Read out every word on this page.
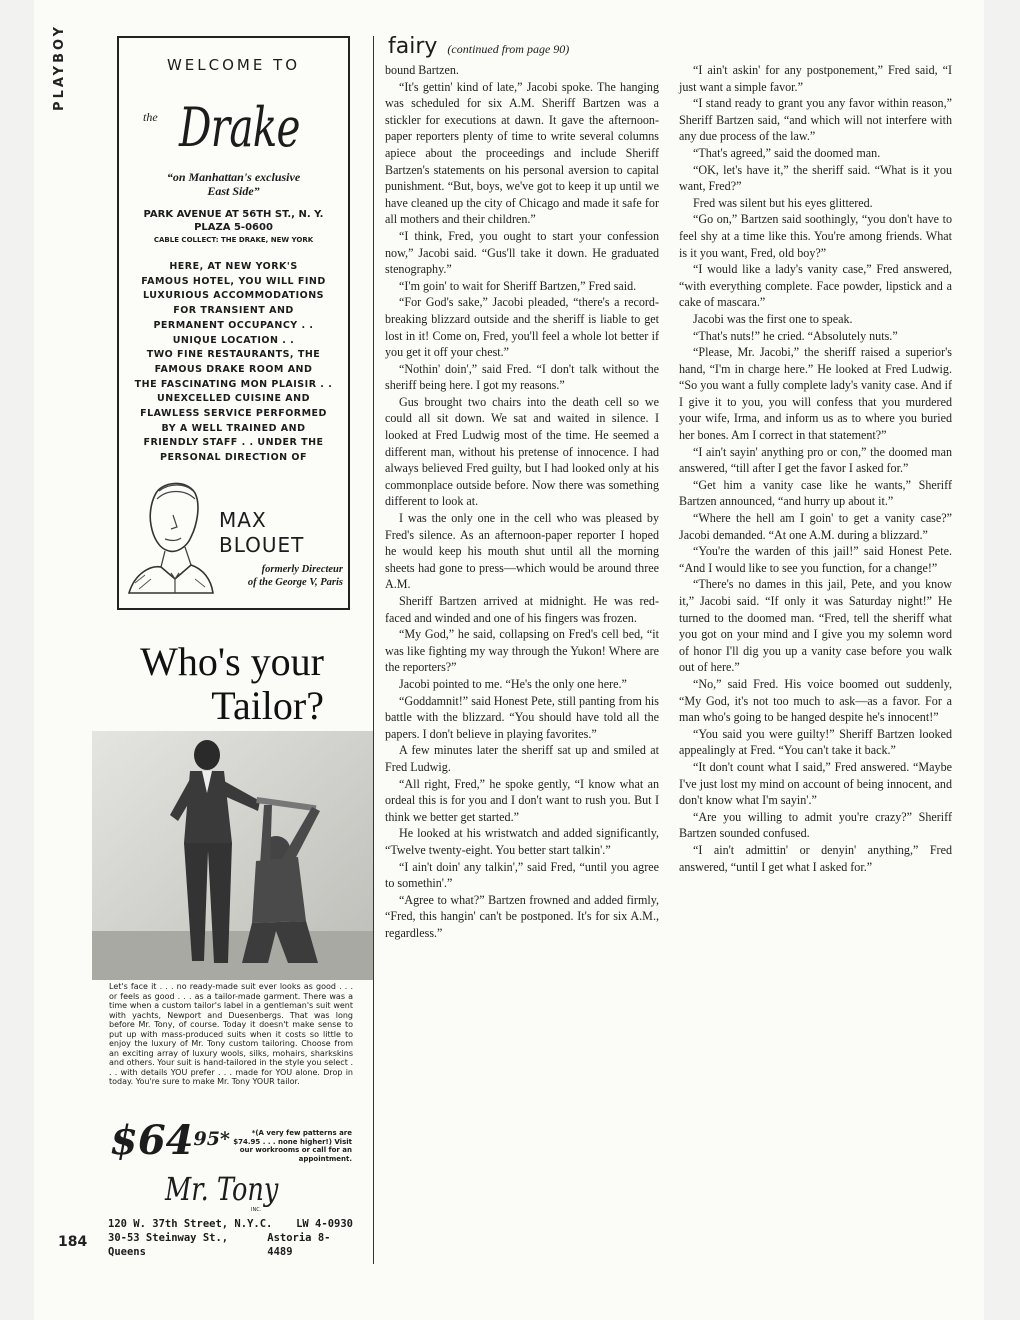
PLAYBOY
184
WELCOME TO
the Drake
“on Manhattan's exclusive
East Side”
PARK AVENUE AT 56TH ST., N. Y.
PLAZA 5-0600
CABLE COLLECT: THE DRAKE, NEW YORK
HERE, AT NEW YORK'S
FAMOUS HOTEL, YOU WILL FIND
LUXURIOUS ACCOMMODATIONS
FOR TRANSIENT AND
PERMANENT OCCUPANCY . .
UNIQUE LOCATION . .
TWO FINE RESTAURANTS, THE
FAMOUS DRAKE ROOM AND
THE FASCINATING MON PLAISIR . .
UNEXCELLED CUISINE AND
FLAWLESS SERVICE PERFORMED
BY A WELL TRAINED AND
FRIENDLY STAFF . . UNDER THE
PERSONAL DIRECTION OF
MAX
BLOUET
formerly Directeur
of the George V, Paris
Who's your
Tailor?
Let's face it . . . no ready-made suit ever looks as good . . . or feels as good . . . as a tailor-made garment. There was a time when a custom tailor's label in a gentleman's suit went with yachts, Newport and Duesenbergs. That was long before Mr. Tony, of course. Today it doesn't make sense to put up with mass-produced suits when it costs so little to enjoy the luxury of Mr. Tony custom tailoring. Choose from an exciting array of luxury wools, silks, mohairs, sharkskins and others. Your suit is hand-tailored in the style you select . . . with details YOU prefer . . . made for YOU alone. Drop in today. You're sure to make Mr. Tony YOUR tailor.
$\$64^{95*}$	*(A very few patterns are $74.95 . . . none higher!) Visit our workrooms or call for an appointment.
Mr. Tony
INC.
120 W. 37th Street, N.Y.C. LW 4-0930
30-53 Steinway St., Queens
Astoria 8-4489
fairy (continued from page 90)

bound Bartzen.

“It's gettin' kind of late,” Jacobi spoke. The hanging was scheduled for six A.M. Sheriff Bartzen was a stickler for executions at dawn. It gave the afternoon-paper reporters plenty of time to write several columns apiece about the proceedings and include Sheriff Bartzen's statements on his personal aversion to capital punishment. “But, boys, we've got to keep it up until we have cleaned up the city of Chicago and made it safe for all mothers and their children.”

“I think, Fred, you ought to start your confession now,” Jacobi said. “Gus'll take it down. He graduated stenography.”

“I'm goin' to wait for Sheriff Bartzen,” Fred said.

“For God's sake,” Jacobi pleaded, “there's a record-breaking blizzard outside and the sheriff is liable to get lost in it! Come on, Fred, you'll feel a whole lot better if you get it off your chest.”

“Nothin' doin',” said Fred. “I don't talk without the sheriff being here. I got my reasons.”

Gus brought two chairs into the death cell so we could all sit down. We sat and waited in silence. I looked at Fred Ludwig most of the time. He seemed a different man, without his pretense of innocence. I had always believed Fred guilty, but I had looked only at his commonplace outside before. Now there was something different to look at.

I was the only one in the cell who was pleased by Fred's silence. As an afternoon-paper reporter I hoped he would keep his mouth shut until all the morning sheets had gone to press—which would be around three A.M.

Sheriff Bartzen arrived at midnight. He was red-faced and winded and one of his fingers was frozen.

“My God,” he said, collapsing on Fred's cell bed, “it was like fighting my way through the Yukon! Where are the reporters?”

Jacobi pointed to me. “He's the only one here.”

“Goddamnit!” said Honest Pete, still panting from his battle with the blizzard. “You should have told all the papers. I don't believe in playing favorites.”

A few minutes later the sheriff sat up and smiled at Fred Ludwig.

“All right, Fred,” he spoke gently, “I know what an ordeal this is for you and I don't want to rush you. But I think we better get started.”

He looked at his wristwatch and added significantly, “Twelve twenty-eight. You better start talkin'.”

“I ain't doin' any talkin',” said Fred, “until you agree to somethin'.”

“Agree to what?” Bartzen frowned and added firmly, “Fred, this hangin' can't be postponed. It's for six A.M., regardless.”

“I ain't askin' for any postponement,” Fred said, “I just want a simple favor.”

“I stand ready to grant you any favor within reason,” Sheriff Bartzen said, “and which will not interfere with any due process of the law.”

“That's agreed,” said the doomed man.

“OK, let's have it,” the sheriff said. “What is it you want, Fred?”

Fred was silent but his eyes glittered.

“Go on,” Bartzen said soothingly, “you don't have to feel shy at a time like this. You're among friends. What is it you want, Fred, old boy?”

“I would like a lady's vanity case,” Fred answered, “with everything complete. Face powder, lipstick and a cake of mascara.”

Jacobi was the first one to speak.

“That's nuts!” he cried. “Absolutely nuts.”

“Please, Mr. Jacobi,” the sheriff raised a superior's hand, “I'm in charge here.” He looked at Fred Ludwig. “So you want a fully complete lady's vanity case. And if I give it to you, you will confess that you murdered your wife, Irma, and inform us as to where you buried her bones. Am I correct in that statement?”

“I ain't sayin' anything pro or con,” the doomed man answered, “till after I get the favor I asked for.”

“Get him a vanity case like he wants,” Sheriff Bartzen announced, “and hurry up about it.”

“Where the hell am I goin' to get a vanity case?” Jacobi demanded. “At one A.M. during a blizzard.”

“You're the warden of this jail!” said Honest Pete. “And I would like to see you function, for a change!”

“There's no dames in this jail, Pete, and you know it,” Jacobi said. “If only it was Saturday night!” He turned to the doomed man. “Fred, tell the sheriff what you got on your mind and I give you my solemn word of honor I'll dig you up a vanity case before you walk out of here.”

“No,” said Fred. His voice boomed out suddenly, “My God, it's not too much to ask—as a favor. For a man who's going to be hanged despite he's innocent!”

“You said you were guilty!” Sheriff Bartzen looked appealingly at Fred. “You can't take it back.”

“It don't count what I said,” Fred answered. “Maybe I've just lost my mind on account of being innocent, and don't know what I'm sayin'.”

“Are you willing to admit you're crazy?” Sheriff Bartzen sounded confused.

“I ain't admittin' or denyin' anything,” Fred answered, “until I get what I asked for.”
